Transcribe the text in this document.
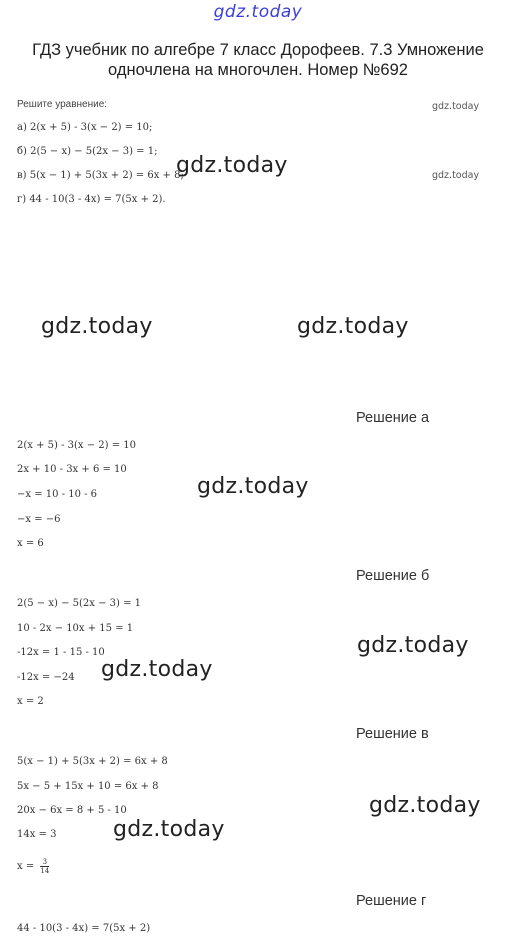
gdz.today
ГДЗ учебник по алгебре 7 класс Дорофеев. 7.3 Умножение одночлена на многочлен. Номер №692
Решите уравнение:	gdz.today
а) 2(x + 5) - 3(x − 2) = 10;
б) 2(5 − x) − 5(2x − 3) = 1;
в) 5(x − 1) + 5(3x + 2) = 6x + 8;	gdz.today
г) 44 - 10(3 - 4x) = 7(5x + 2).
gdz.today
gdz.today	gdz.today
Решение а
2(x + 5) - 3(x − 2) = 10
2x + 10 - 3x + 6 = 10
−x = 10 - 10 - 6
−x = −6
x = 6
gdz.today
Решение б
2(5 − x) − 5(2x − 3) = 1
10 - 2x − 10x + 15 = 1
-12x = 1 - 15 - 10
-12x = −24
x = 2
gdz.today
gdz.today
Решение в
5(x − 1) + 5(3x + 2) = 6x + 8
5x − 5 + 15x + 10 = 6x + 8
20x − 6x = 8 + 5 - 10
14x = 3
$x = \frac{3}{14}$
gdz.today
gdz.today
Решение г
44 - 10(3 - 4x) = 7(5x + 2)
